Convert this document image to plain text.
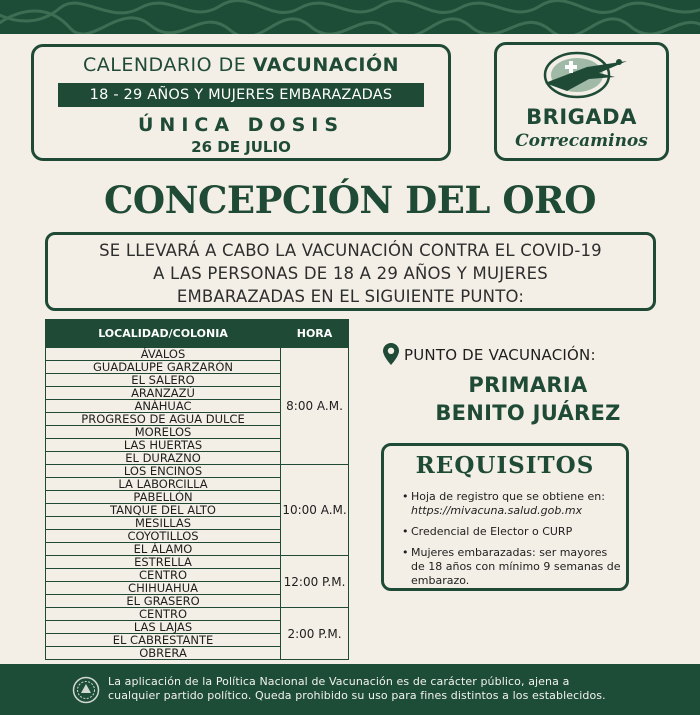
CALENDARIO DE VACUNACIÓN
18 - 29 AÑOS Y MUJERES EMBARAZADAS
ÚNICA DOSIS
26 DE JULIO
BRIGADA
Correcaminos
CONCEPCIÓN DEL ORO
SE LLEVARÁ A CABO LA VACUNACIÓN CONTRA EL COVID-19
A LAS PERSONAS DE 18 A 29 AÑOS Y MUJERES
EMBARAZADAS EN EL SIGUIENTE PUNTO:
LOCALIDAD/COLONIA	HORA
ÁVALOS	8:00 A.M.
GUADALUPE GARZARÓN	
EL SALERO	
ARANZAZÚ	
ANÁHUAC	
PROGRESO DE AGUA DULCE	
MORELOS	
LAS HUERTAS	
EL DURAZNO	
LOS ENCINOS	10:00 A.M.
LA LABORCILLA	
PABELLÓN	
TANQUE DEL ALTO	
MESILLAS	
COYOTILLOS	
EL ÁLAMO	
ESTRELLA	12:00 P.M.
CENTRO	
CHIHUAHUA	
EL GRASERO	
CENTRO	2:00 P.M.
LAS LAJAS	
EL CABRESTANTE	
OBRERA	
PUNTO DE VACUNACIÓN:
PRIMARIA
BENITO JUÁREZ
REQUISITOS
• Hoja de registro que se obtiene en: https://mivacuna.salud.gob.mx
• Credencial de Elector o CURP
• Mujeres embarazadas: ser mayores de 18 años con mínimo 9 semanas de embarazo.
La aplicación de la Política Nacional de Vacunación es de carácter público, ajena a
cualquier partido político. Queda prohibido su uso para fines distintos a los establecidos.
